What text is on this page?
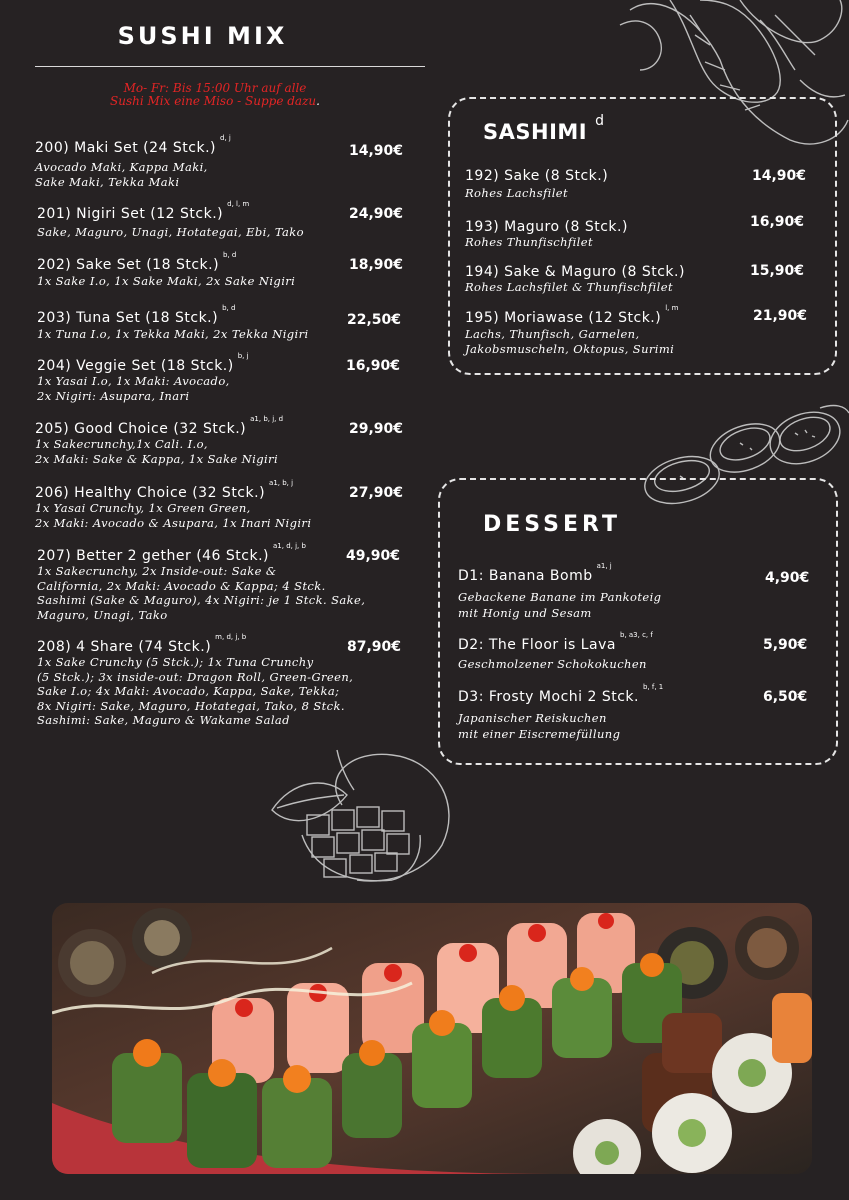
SUSHI MIX
Mo- Fr: Bis 15:00 Uhr auf alle
Sushi Mix eine Miso - Suppe dazu.
200) Maki Set (24 Stck.)$^{d, j}$
Avocado Maki, Kappa Maki,
Sake Maki, Tekka Maki
14,90€
201) Nigiri Set (12 Stck.)$^{d, l, m}$
Sake, Maguro, Unagi, Hotategai, Ebi, Tako
24,90€
202) Sake Set (18 Stck.)$^{b, d}$
1x Sake I.o, 1x Sake Maki, 2x Sake Nigiri
18,90€
203) Tuna Set (18 Stck.)$^{b, d}$
1x Tuna I.o, 1x Tekka Maki, 2x Tekka Nigiri
22,50€
204) Veggie Set (18 Stck.)$^{b, j}$
1x Yasai I.o, 1x Maki: Avocado,
2x Nigiri: Asupara, Inari
16,90€
205) Good Choice (32 Stck.)$^{a1, b, j, d}$
1x Sakecrunchy,1x Cali. I.o,
2x Maki: Sake & Kappa, 1x Sake Nigiri
29,90€
206) Healthy Choice (32 Stck.)$^{a1, b, j}$
1x Yasai Crunchy, 1x Green Green,
2x Maki: Avocado & Asupara, 1x Inari Nigiri
27,90€
207) Better 2 gether (46 Stck.)$^{a1, d, j, b}$
1x Sakecrunchy, 2x Inside-out: Sake &
California, 2x Maki: Avocado & Kappa; 4 Stck.
Sashimi (Sake & Maguro), 4x Nigiri: je 1 Stck. Sake,
Maguro, Unagi, Tako
49,90€
208) 4 Share (74 Stck.)$^{m, d, j, b}$
1x Sake Crunchy (5 Stck.); 1x Tuna Crunchy
(5 Stck.); 3x inside-out: Dragon Roll, Green-Green,
Sake I.o; 4x Maki: Avocado, Kappa, Sake, Tekka;
8x Nigiri: Sake, Maguro, Hotategai, Tako, 8 Stck.
Sashimi: Sake, Maguro & Wakame Salad
87,90€
SASHIMI $^d$
192) Sake (8 Stck.)
Rohes Lachsfilet
14,90€
193) Maguro (8 Stck.)
Rohes Thunfischfilet
16,90€
194) Sake & Maguro (8 Stck.)
Rohes Lachsfilet & Thunfischfilet
15,90€
195) Moriawase (12 Stck.)$^{l, m}$
Lachs, Thunfisch, Garnelen,
Jakobsmuscheln, Oktopus, Surimi
21,90€
DESSERT
D1: Banana Bomb$^{a1, j}$
Gebackene Banane im Pankoteig
mit Honig und Sesam
4,90€
D2: The Floor is Lava$^{b, a3, c, f}$
Geschmolzener Schokokuchen
5,90€
D3: Frosty Mochi 2 Stck.$^{b, f, 1}$
Japanischer Reiskuchen
mit einer Eiscremefüllung
6,50€
